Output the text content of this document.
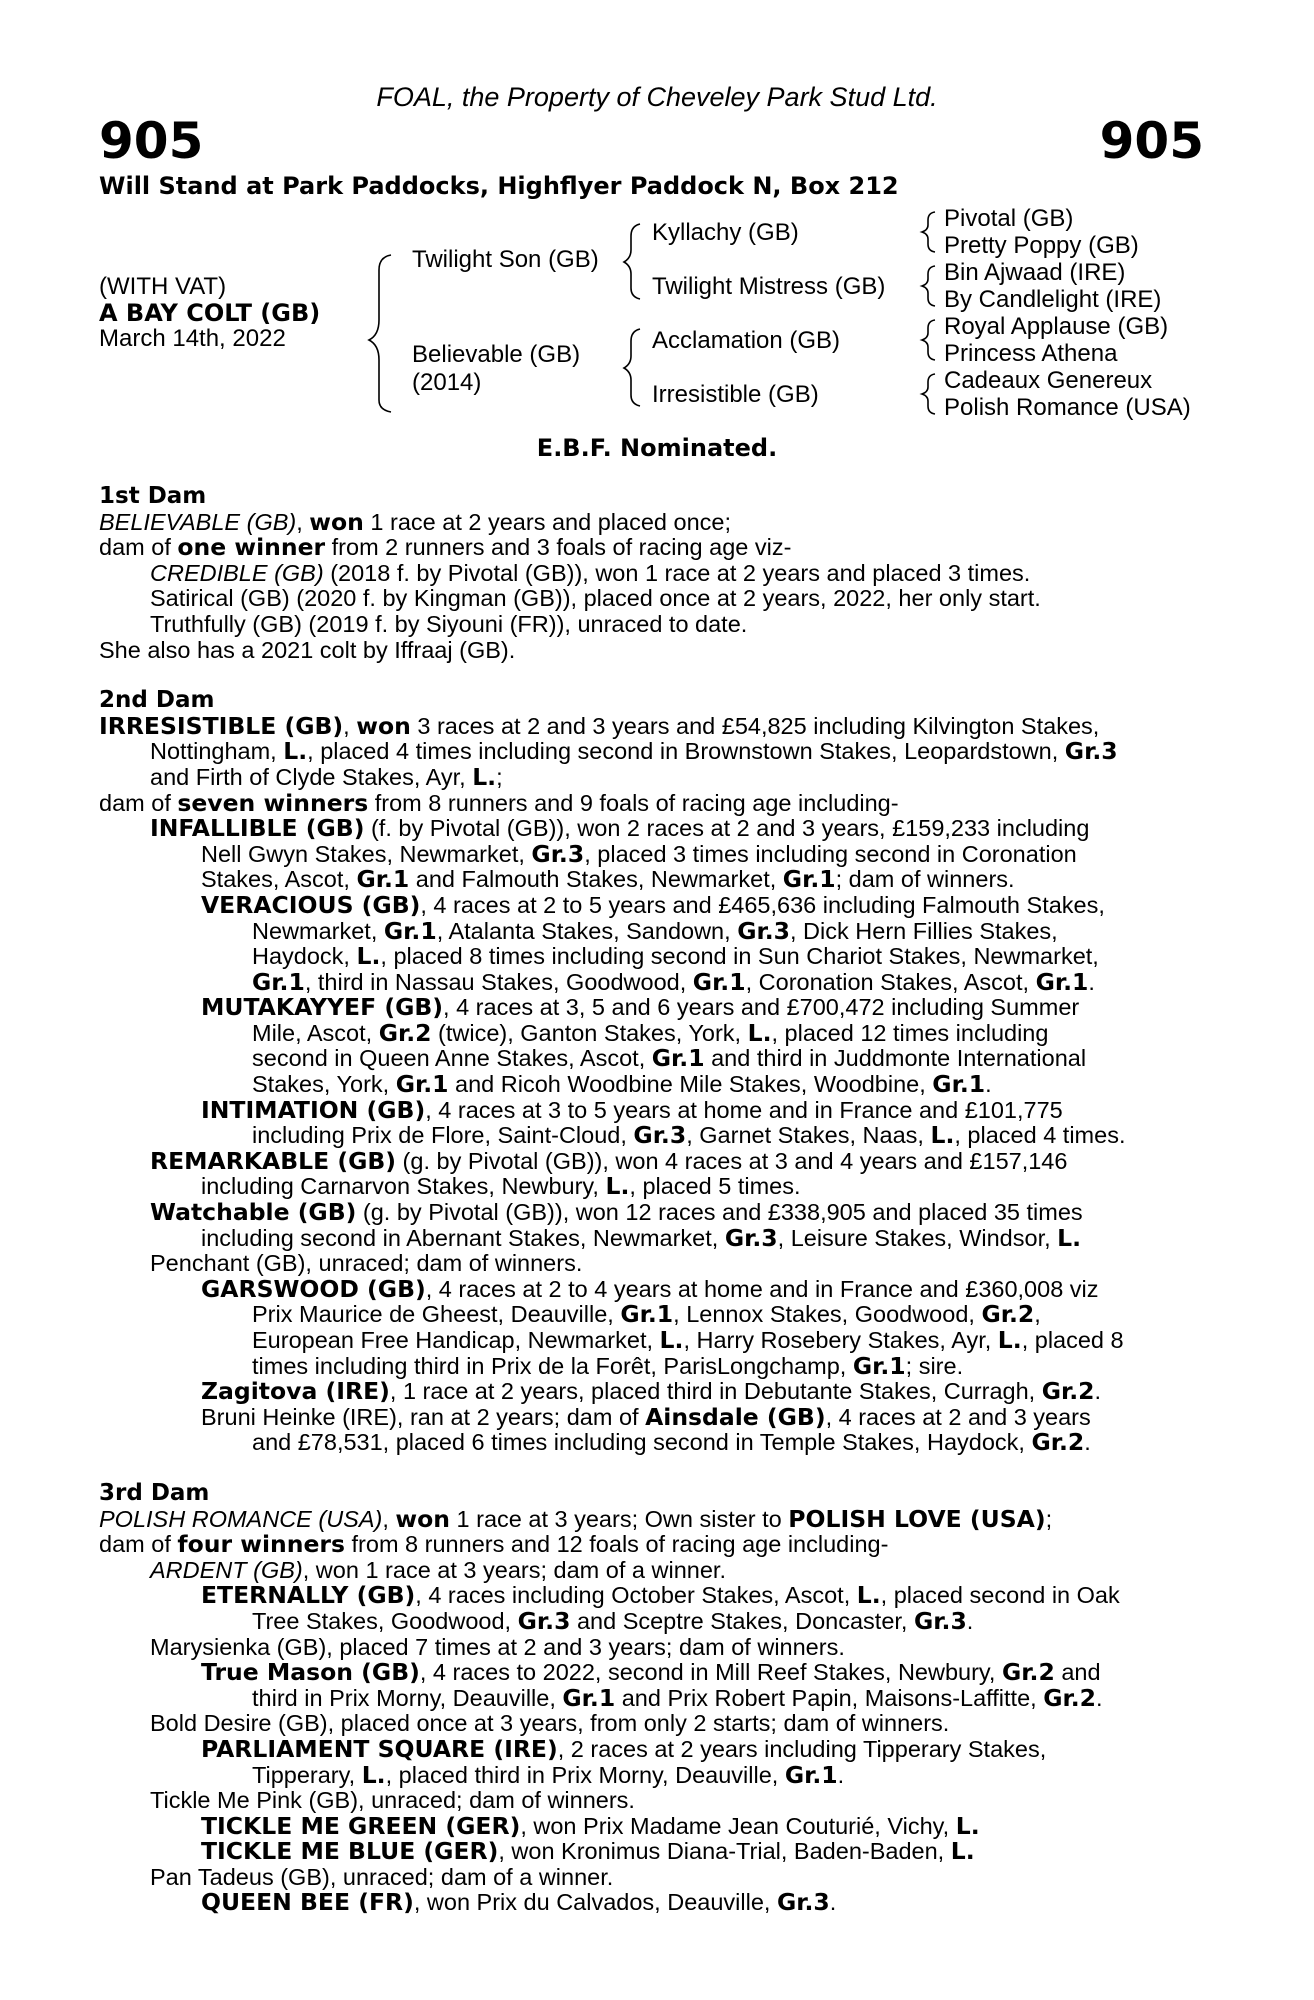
FOAL, the Property of Cheveley Park Stud Ltd.
905	905
Will Stand at Park Paddocks, Highflyer Paddock N, Box 212
(WITH VAT)
A BAY COLT (GB)
March 14th, 2022
Twilight Son (GB)
Believable (GB)
(2014)
Kyllachy (GB)
Twilight Mistress (GB)
Acclamation (GB)
Irresistible (GB)
Pivotal (GB)
Pretty Poppy (GB)
Bin Ajwaad (IRE)
By Candlelight (IRE)
Royal Applause (GB)
Princess Athena
Cadeaux Genereux
Polish Romance (USA)
E.B.F. Nominated.
1st Dam
BELIEVABLE (GB), won 1 race at 2 years and placed once;
dam of one winner from 2 runners and 3 foals of racing age viz-
CREDIBLE (GB) (2018 f. by Pivotal (GB)), won 1 race at 2 years and placed 3 times.
Satirical (GB) (2020 f. by Kingman (GB)), placed once at 2 years, 2022, her only start.
Truthfully (GB) (2019 f. by Siyouni (FR)), unraced to date.
She also has a 2021 colt by Iffraaj (GB).
2nd Dam
IRRESISTIBLE (GB), won 3 races at 2 and 3 years and £54,825 including Kilvington Stakes,
Nottingham, L., placed 4 times including second in Brownstown Stakes, Leopardstown, Gr.3
and Firth of Clyde Stakes, Ayr, L.;
dam of seven winners from 8 runners and 9 foals of racing age including-
INFALLIBLE (GB) (f. by Pivotal (GB)), won 2 races at 2 and 3 years, £159,233 including
Nell Gwyn Stakes, Newmarket, Gr.3, placed 3 times including second in Coronation
Stakes, Ascot, Gr.1 and Falmouth Stakes, Newmarket, Gr.1; dam of winners.
VERACIOUS (GB), 4 races at 2 to 5 years and £465,636 including Falmouth Stakes,
Newmarket, Gr.1, Atalanta Stakes, Sandown, Gr.3, Dick Hern Fillies Stakes,
Haydock, L., placed 8 times including second in Sun Chariot Stakes, Newmarket,
Gr.1, third in Nassau Stakes, Goodwood, Gr.1, Coronation Stakes, Ascot, Gr.1.
MUTAKAYYEF (GB), 4 races at 3, 5 and 6 years and £700,472 including Summer
Mile, Ascot, Gr.2 (twice), Ganton Stakes, York, L., placed 12 times including
second in Queen Anne Stakes, Ascot, Gr.1 and third in Juddmonte International
Stakes, York, Gr.1 and Ricoh Woodbine Mile Stakes, Woodbine, Gr.1.
INTIMATION (GB), 4 races at 3 to 5 years at home and in France and £101,775
including Prix de Flore, Saint-Cloud, Gr.3, Garnet Stakes, Naas, L., placed 4 times.
REMARKABLE (GB) (g. by Pivotal (GB)), won 4 races at 3 and 4 years and £157,146
including Carnarvon Stakes, Newbury, L., placed 5 times.
Watchable (GB) (g. by Pivotal (GB)), won 12 races and £338,905 and placed 35 times
including second in Abernant Stakes, Newmarket, Gr.3, Leisure Stakes, Windsor, L.
Penchant (GB), unraced; dam of winners.
GARSWOOD (GB), 4 races at 2 to 4 years at home and in France and £360,008 viz
Prix Maurice de Gheest, Deauville, Gr.1, Lennox Stakes, Goodwood, Gr.2,
European Free Handicap, Newmarket, L., Harry Rosebery Stakes, Ayr, L., placed 8
times including third in Prix de la Forêt, ParisLongchamp, Gr.1; sire.
Zagitova (IRE), 1 race at 2 years, placed third in Debutante Stakes, Curragh, Gr.2.
Bruni Heinke (IRE), ran at 2 years; dam of Ainsdale (GB), 4 races at 2 and 3 years
and £78,531, placed 6 times including second in Temple Stakes, Haydock, Gr.2.
3rd Dam
POLISH ROMANCE (USA), won 1 race at 3 years; Own sister to POLISH LOVE (USA);
dam of four winners from 8 runners and 12 foals of racing age including-
ARDENT (GB), won 1 race at 3 years; dam of a winner.
ETERNALLY (GB), 4 races including October Stakes, Ascot, L., placed second in Oak
Tree Stakes, Goodwood, Gr.3 and Sceptre Stakes, Doncaster, Gr.3.
Marysienka (GB), placed 7 times at 2 and 3 years; dam of winners.
True Mason (GB), 4 races to 2022, second in Mill Reef Stakes, Newbury, Gr.2 and
third in Prix Morny, Deauville, Gr.1 and Prix Robert Papin, Maisons-Laffitte, Gr.2.
Bold Desire (GB), placed once at 3 years, from only 2 starts; dam of winners.
PARLIAMENT SQUARE (IRE), 2 races at 2 years including Tipperary Stakes,
Tipperary, L., placed third in Prix Morny, Deauville, Gr.1.
Tickle Me Pink (GB), unraced; dam of winners.
TICKLE ME GREEN (GER), won Prix Madame Jean Couturié, Vichy, L.
TICKLE ME BLUE (GER), won Kronimus Diana-Trial, Baden-Baden, L.
Pan Tadeus (GB), unraced; dam of a winner.
QUEEN BEE (FR), won Prix du Calvados, Deauville, Gr.3.
